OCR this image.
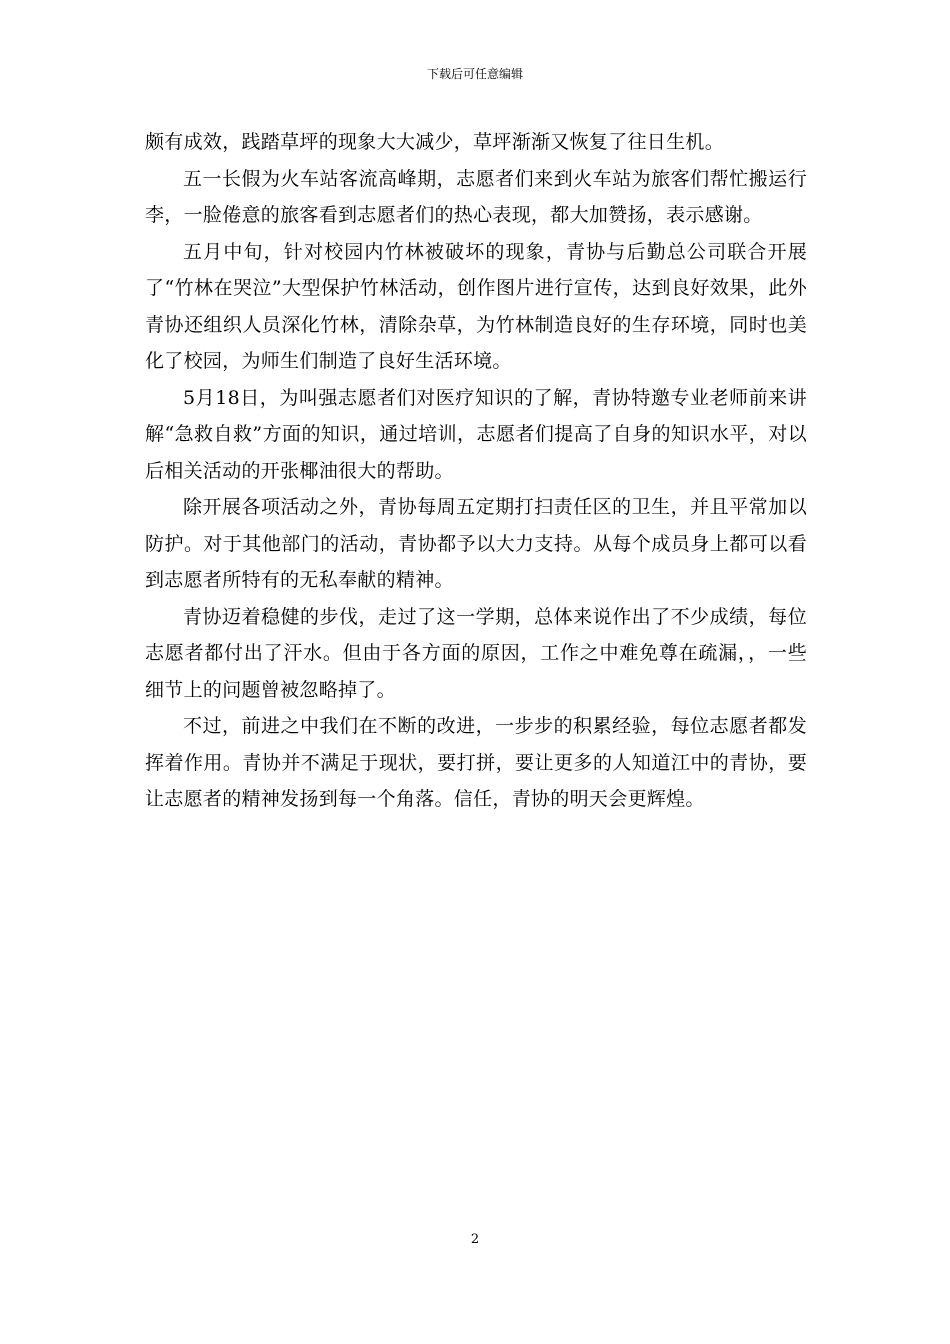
下载后可任意编辑

颇有成效，践踏草坪的现象大大减少，草坪渐渐又恢复了往日生机。

五一长假为火车站客流高峰期，志愿者们来到火车站为旅客们帮忙搬运行李，一脸倦意的旅客看到志愿者们的热心表现，都大加赞扬，表示感谢。

五月中旬，针对校园内竹林被破坏的现象，青协与后勤总公司联合开展了“竹林在哭泣”大型保护竹林活动，创作图片进行宣传，达到良好效果，此外青协还组织人员深化竹林，清除杂草，为竹林制造良好的生存环境，同时也美化了校园，为师生们制造了良好生活环境。

5月18日，为叫强志愿者们对医疗知识的了解，青协特邀专业老师前来讲解“急救自救”方面的知识，通过培训，志愿者们提高了自身的知识水平，对以后相关活动的开张椰油很大的帮助。

除开展各项活动之外，青协每周五定期打扫责任区的卫生，并且平常加以防护。对于其他部门的活动，青协都予以大力支持。从每个成员身上都可以看到志愿者所特有的无私奉献的精神。

青协迈着稳健的步伐，走过了这一学期，总体来说作出了不少成绩，每位志愿者都付出了汗水。但由于各方面的原因，工作之中难免尊在疏漏，，一些细节上的问题曾被忽略掉了。

不过，前进之中我们在不断的改进，一步步的积累经验，每位志愿者都发挥着作用。青协并不满足于现状，要打拼，要让更多的人知道江中的青协，要让志愿者的精神发扬到每一个角落。信任，青协的明天会更辉煌。

2
